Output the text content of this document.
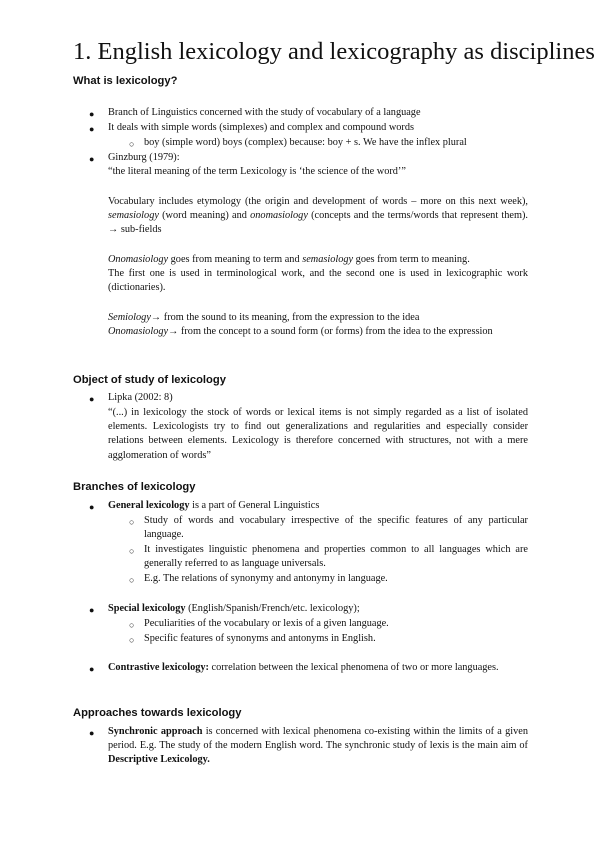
1. English lexicology and lexicography as disciplines
What is lexicology?
● Branch of Linguistics concerned with the study of vocabulary of a language
● It deals with simple words (simplexes) and complex and compound words
○ boy (simple word) boys (complex) because: boy + s. We have the inflex plural
● Ginzburg (1979):
“the literal meaning of the term Lexicology is ‘the science of the word’”
Vocabulary includes etymology (the origin and development of words – more on this next week), semasiology (word meaning) and onomasiology (concepts and the terms/words that represent them). → sub-fields
Onomasiology goes from meaning to term and semasiology goes from term to meaning.
The first one is used in terminological work, and the second one is used in lexicographic work (dictionaries).
Semiology→ from the sound to its meaning, from the expression to the idea
Onomasiology→ from the concept to a sound form (or forms) from the idea to the expression
Object of study of lexicology
● Lipka (2002: 8)
“(...) in lexicology the stock of words or lexical items is not simply regarded as a list of isolated elements. Lexicologists try to find out generalizations and regularities and especially consider relations between elements. Lexicology is therefore concerned with structures, not with a mere agglomeration of words”
Branches of lexicology
● General lexicology is a part of General Linguistics
○ Study of words and vocabulary irrespective of the specific features of any particular language.
○ It investigates linguistic phenomena and properties common to all languages which are generally referred to as language universals.
○ E.g. The relations of synonymy and antonymy in language.
● Special lexicology (English/Spanish/French/etc. lexicology);
○ Peculiarities of the vocabulary or lexis of a given language.
○ Specific features of synonyms and antonyms in English.
● Contrastive lexicology: correlation between the lexical phenomena of two or more languages.
Approaches towards lexicology
● Synchronic approach is concerned with lexical phenomena co-existing within the limits of a given period. E.g. The study of the modern English word. The synchronic study of lexis is the main aim of Descriptive Lexicology.
